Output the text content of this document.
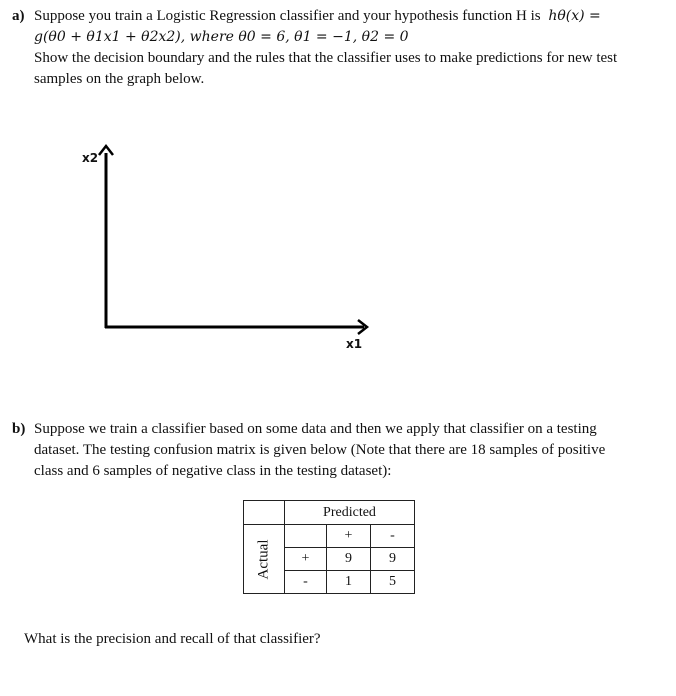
a) Suppose you train a Logistic Regression classifier and your hypothesis function H is hθ(x) =
g(θ0 + θ1x1 + θ2x2), where θ0 = 6, θ1 = −1, θ2 = 0
Show the decision boundary and the rules that the classifier uses to make predictions for new test
samples on the graph below.
x2
x1
b) Suppose we train a classifier based on some data and then we apply that classifier on a testing
dataset. The testing confusion matrix is given below (Note that there are 18 samples of positive
class and 6 samples of negative class in the testing dataset):
	Predicted		

Actual		+	-
	+	9	9
	-	1	5
What is the precision and recall of that classifier?
